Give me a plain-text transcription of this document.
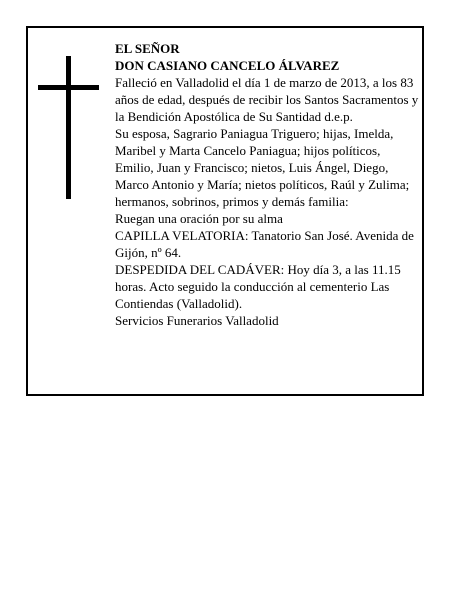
EL SEÑOR

DON CASIANO CANCELO ÁLVAREZ

Falleció en Valladolid el día 1 de marzo de 2013, a los 83 años de edad, después de recibir los Santos Sacramentos y la Bendición Apostólica de Su Santidad d.e.p.

Su esposa, Sagrario Paniagua Triguero; hijas, Imelda, Maribel y Marta Cancelo Paniagua; hijos políticos, Emilio, Juan y Francisco; nietos, Luis Ángel, Diego, Marco Antonio y María; nietos políticos, Raúl y Zulima; hermanos, sobrinos, primos y demás familia:

Ruegan una oración por su alma

CAPILLA VELATORIA: Tanatorio San José. Avenida de Gijón, nº 64.

DESPEDIDA DEL CADÁVER: Hoy día 3, a las 11.15 horas. Acto seguido la conducción al cementerio Las Contiendas (Valladolid).

Servicios Funerarios Valladolid
